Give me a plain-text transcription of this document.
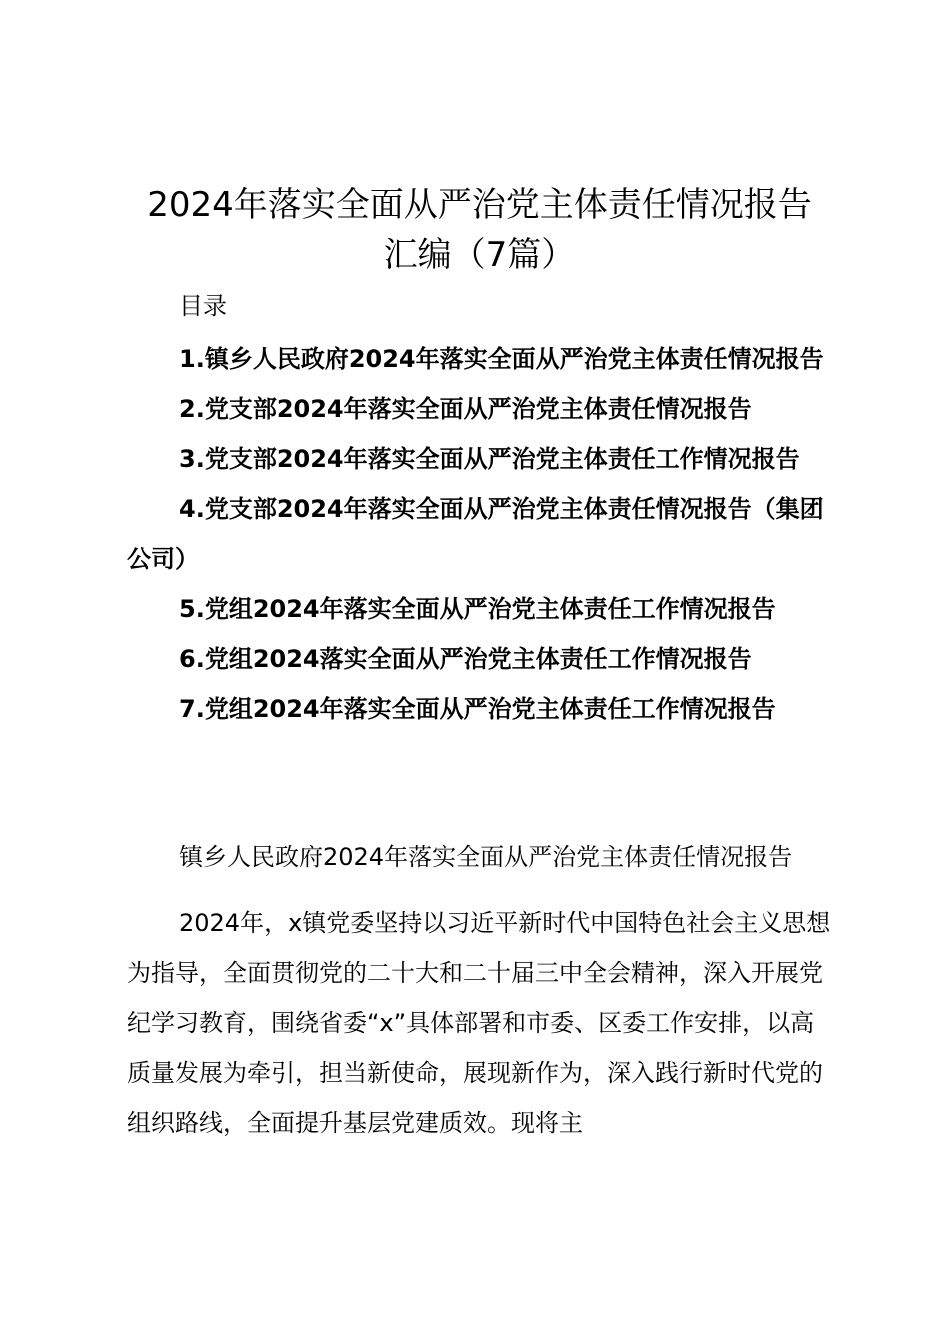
2024年落实全面从严治党主体责任情况报告
汇编（7篇）
目录
1.镇乡人民政府2024年落实全面从严治党主体责任情况报告
2.党支部2024年落实全面从严治党主体责任情况报告
3.党支部2024年落实全面从严治党主体责任工作情况报告
4.党支部2024年落实全面从严治党主体责任情况报告（集团公司）
5.党组2024年落实全面从严治党主体责任工作情况报告
6.党组2024落实全面从严治党主体责任工作情况报告
7.党组2024年落实全面从严治党主体责任工作情况报告

镇乡人民政府2024年落实全面从严治党主体责任情况报告

2024年，x镇党委坚持以习近平新时代中国特色社会主义思想为指导，全面贯彻党的二十大和二十届三中全会精神，深入开展党纪学习教育，围绕省委“x”具体部署和市委、区委工作安排，以高质量发展为牵引，担当新使命，展现新作为，深入践行新时代党的组织路线，全面提升基层党建质效。现将主
